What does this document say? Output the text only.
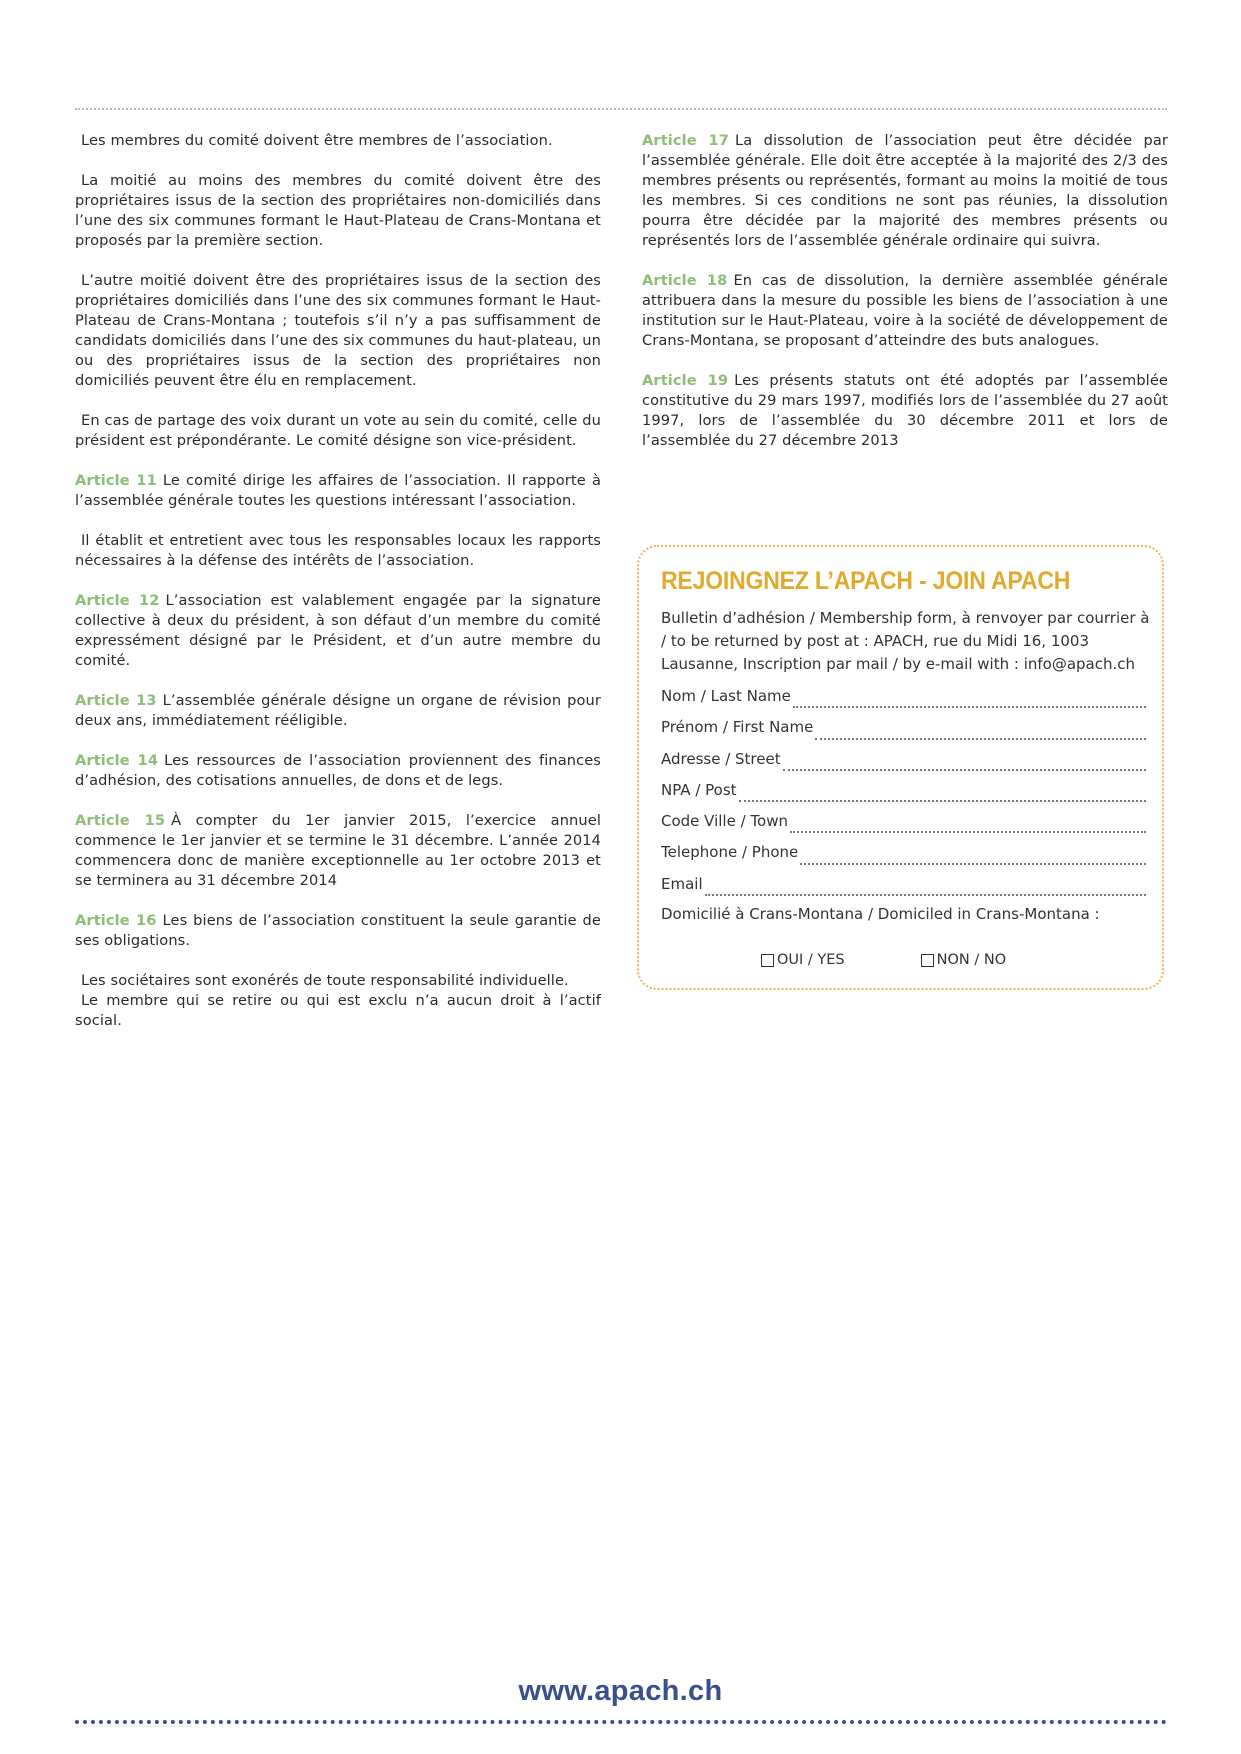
Les membres du comité doivent être membres de l’association.

La moitié au moins des membres du comité doivent être des propriétaires issus de la section des propriétaires non-domiciliés dans l’une des six communes formant le Haut-Plateau de Crans-Montana et proposés par la première section.

L’autre moitié doivent être des propriétaires issus de la section des propriétaires domiciliés dans l’une des six communes formant le Haut-Plateau de Crans-Montana ; toutefois s’il n’y a pas suffisamment de candidats domiciliés dans l’une des six communes du haut-plateau, un ou des propriétaires issus de la section des propriétaires non domiciliés peuvent être élu en remplacement.

En cas de partage des voix durant un vote au sein du comité, celle du président est prépondérante. Le comité désigne son vice-président.

Article 11 Le comité dirige les affaires de l’association. Il rapporte à l’assemblée générale toutes les questions intéressant l’association.

Il établit et entretient avec tous les responsables locaux les rapports nécessaires à la défense des intérêts de l’association.

Article 12 L’association est valablement engagée par la signature collective à deux du président, à son défaut d’un membre du comité expressément désigné par le Président, et d’un autre membre du comité.

Article 13 L’assemblée générale désigne un organe de révision pour deux ans, immédiatement rééligible.

Article 14 Les ressources de l’association proviennent des finances d’adhésion, des cotisations annuelles, de dons et de legs.

Article 15 À compter du 1er janvier 2015, l’exercice annuel commence le 1er janvier et se termine le 31 décembre. L’année 2014 commencera donc de manière exceptionnelle au 1er octobre 2013 et se terminera au 31 décembre 2014

Article 16 Les biens de l’association constituent la seule garantie de ses obligations.

Les sociétaires sont exonérés de toute responsabilité individuelle.

Le membre qui se retire ou qui est exclu n’a aucun droit à l’actif social.

Article 17 La dissolution de l’association peut être décidée par l’assemblée générale. Elle doit être acceptée à la majorité des 2/3 des membres présents ou représentés, formant au moins la moitié de tous les membres. Si ces conditions ne sont pas réunies, la dissolution pourra être décidée par la majorité des membres présents ou représentés lors de l’assemblée générale ordinaire qui suivra.

Article 18 En cas de dissolution, la dernière assemblée générale attribuera dans la mesure du possible les biens de l’association à une institution sur le Haut-Plateau, voire à la société de développement de Crans-Montana, se proposant d’atteindre des buts analogues.

Article 19 Les présents statuts ont été adoptés par l’assemblée constitutive du 29 mars 1997, modifiés lors de l’assemblée du 27 août 1997, lors de l’assemblée du 30 décembre 2011 et lors de l’assemblée du 27 décembre 2013

REJOINGNEZ L’APACH - JOIN APACH
Bulletin d’adhésion / Membership form, à renvoyer par courrier à / to be returned by post at : APACH, rue du Midi 16, 1003 Lausanne, Inscription par mail / by e-mail with : info@apach.ch
Nom / Last Name
Prénom / First Name
Adresse / Street
NPA / Post
Code Ville / Town
Telephone / Phone
Email
Domicilié à Crans-Montana / Domiciled in Crans-Montana :
OUI / YES	NON / NO
www.apach.ch
